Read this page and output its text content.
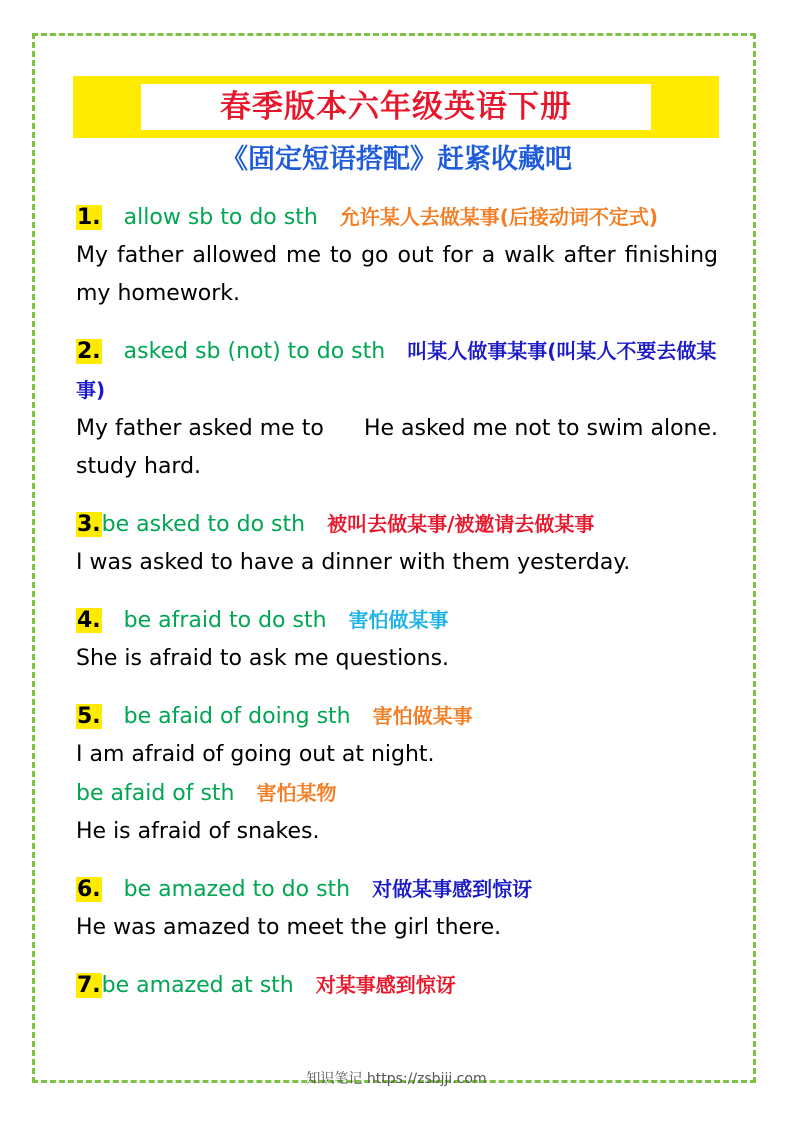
春季版本六年级英语下册
《固定短语搭配》赶紧收藏吧
1. allow sb to do sth 允许某人去做某事(后接动词不定式)
My father allowed me to go out for a walk after finishing my homework.
2. asked sb (not) to do sth 叫某人做事某事(叫某人不要去做某事)
My father asked me to study hard.
He asked me not to swim alone.
3.be asked to do sth 被叫去做某事/被邀请去做某事
I was asked to have a dinner with them yesterday.
4. be afraid to do sth 害怕做某事
She is afraid to ask me questions.
5. be afaid of doing sth 害怕做某事
I am afraid of going out at night.
be afaid of sth 害怕某物
He is afraid of snakes.
6. be amazed to do sth 对做某事感到惊讶
He was amazed to meet the girl there.
7.be amazed at sth 对某事感到惊讶
知识笔记 https://zsbjji.com
